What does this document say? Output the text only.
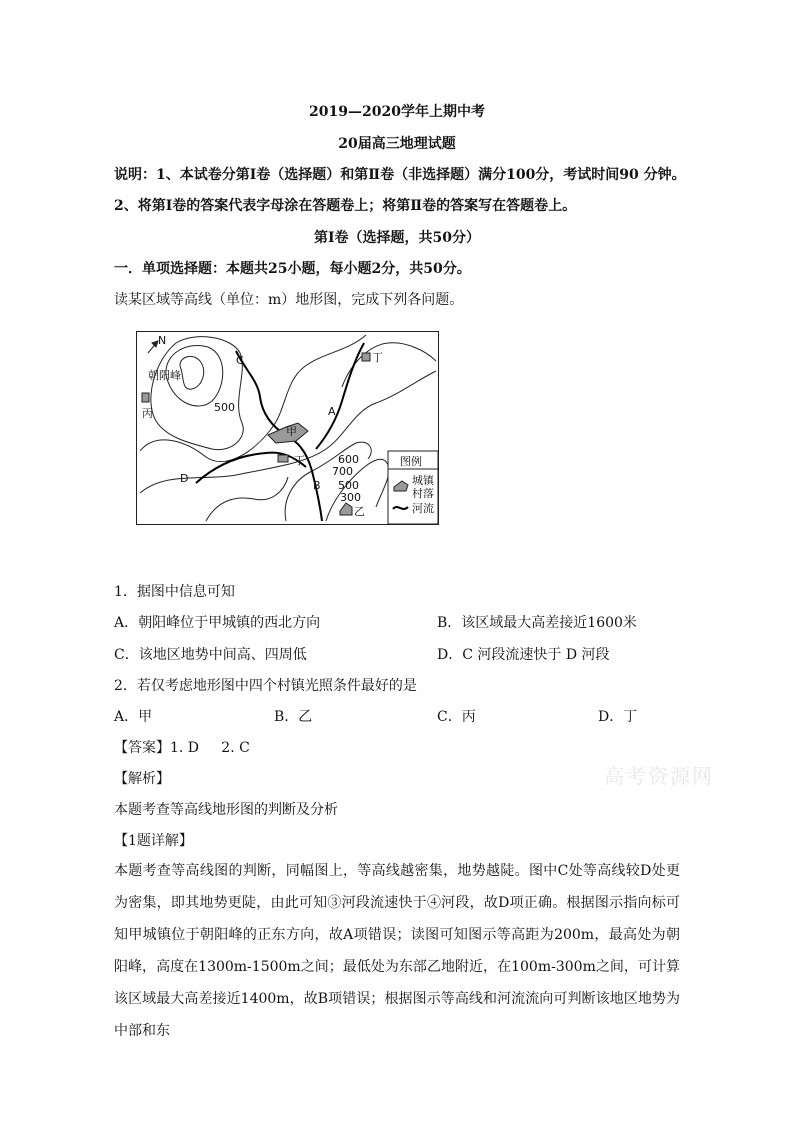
2019—2020学年上期中考
20届高三地理试题
说明：1、本试卷分第Ⅰ卷（选择题）和第Ⅱ卷（非选择题）满分100分，考试时间90 分钟。
2、将第Ⅰ卷的答案代表字母涂在答题卷上；将第Ⅱ卷的答案写在答题卷上。
第Ⅰ卷（选择题，共50分）
一．单项选择题：本题共25小题，每小题2分，共50分。
读某区域等高线（单位：m）地形图，完成下列各问题。
N
朝阳峰
C
A
B
D
甲
乙
丙
丁
丁
500
600
700
500
300
图例
城镇
村落
河流
1．据图中信息可知
A．朝阳峰位于甲城镇的西北方向	B．该区域最大高差接近1600米
C．该地区地势中间高、四周低	D．C 河段流速快于 D 河段
2．若仅考虑地形图中四个村镇光照条件最好的是
A．甲	B．乙	C．丙	D．丁
【答案】1. D     2. C
【解析】
本题考查等高线地形图的判断及分析
【1题详解】
本题考查等高线图的判断，同幅图上，等高线越密集，地势越陡。图中C处等高线较D处更为密集，即其地势更陡，由此可知③河段流速快于④河段，故D项正确。根据图示指向标可知甲城镇位于朝阳峰的正东方向，故A项错误；读图可知图示等高距为200m，最高处为朝阳峰，高度在1300m-1500m之间；最低处为东部乙地附近，在100m-300m之间，可计算该区域最大高差接近1400m，故B项错误；根据图示等高线和河流流向可判断该地区地势为中部和东
高考资源网
